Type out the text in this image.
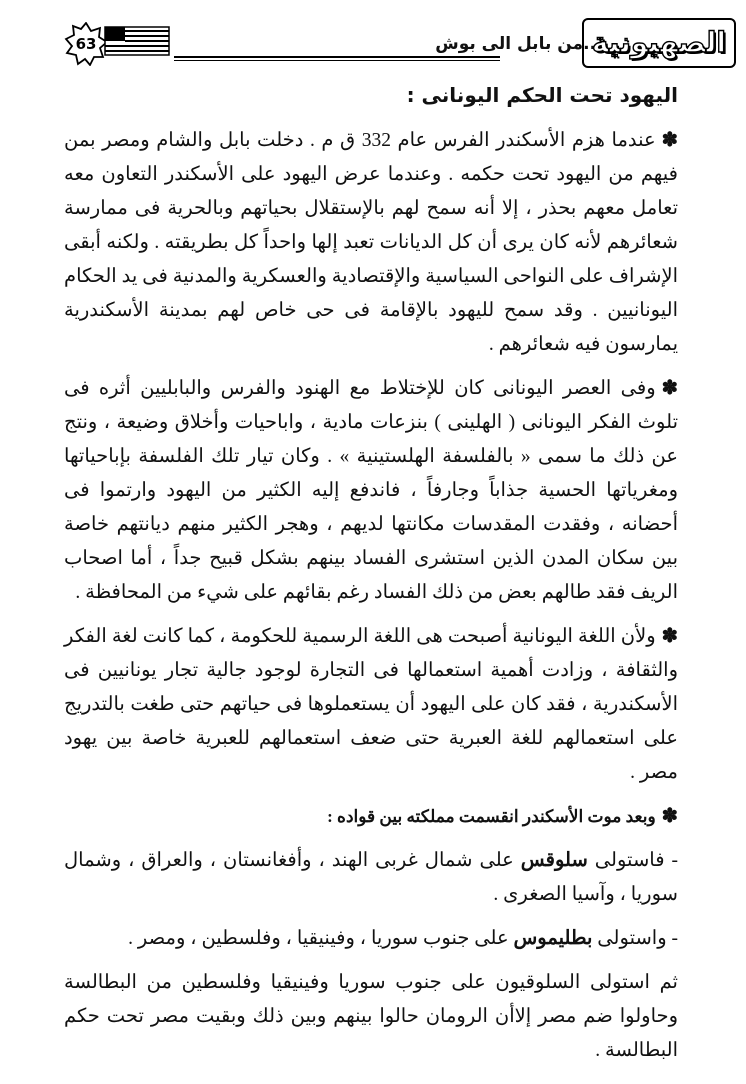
63	..من بابل الى بوش
الصهيونية

اليهود تحت الحكم اليونانى :

✽عندما هزم الأسكندر الفرس عام 332 ق م . دخلت بابل والشام ومصر بمن فيهم من اليهود تحت حكمه . وعندما عرض اليهود على الأسكندر التعاون معه تعامل معهم بحذر ، إلا أنه سمح لهم بالإستقلال بحياتهم وبالحرية فى ممارسة شعائرهم لأنه كان يرى أن كل الديانات تعبد إلها واحداً كل بطريقته . ولكنه أبقى الإشراف على النواحى السياسية والإقتصادية والعسكرية والمدنية فى يد الحكام اليونانيين . وقد سمح لليهود بالإقامة فى حى خاص لهم بمدينة الأسكندرية يمارسون فيه شعائرهم .

✽وفى العصر اليونانى كان للإختلاط مع الهنود والفرس والبابليين أثره فى تلوث الفكر اليونانى ( الهلينى ) بنزعات مادية ، واباحيات وأخلاق وضيعة ، ونتج عن ذلك ما سمى « بالفلسفة الهلستينية » . وكان تيار تلك الفلسفة بإباحياتها ومغرياتها الحسية جذاباً وجارفاً ، فاندفع إليه الكثير من اليهود وارتموا فى أحضانه ، وفقدت المقدسات مكانتها لديهم ، وهجر الكثير منهم ديانتهم خاصة بين سكان المدن الذين استشرى الفساد بينهم بشكل قبيح جداً ، أما اصحاب الريف فقد طالهم بعض من ذلك الفساد رغم بقائهم على شيء من المحافظة .

✽ولأن اللغة اليونانية أصبحت هى اللغة الرسمية للحكومة ، كما كانت لغة الفكر والثقافة ، وزادت أهمية استعمالها فى التجارة لوجود جالية تجار يونانيين فى الأسكندرية ، فقد كان على اليهود أن يستعملوها فى حياتهم حتى طغت بالتدريج على استعمالهم للغة العبرية حتى ضعف استعمالهم للعبرية خاصة بين يهود مصر .

✽وبعد موت الأسكندر انقسمت مملكته بين قواده :

- فاستولى سلوقس على شمال غربى الهند ، وأفغانستان ، والعراق ، وشمال سوريا ، وآسيا الصغرى .

- واستولى بطليموس على جنوب سوريا ، وفينيقيا ، وفلسطين ، ومصر .

ثم استولى السلوقيون على جنوب سوريا وفينيقيا وفلسطين من البطالسة وحاولوا ضم مصر إلاأن الرومان حالوا بينهم وبين ذلك وبقيت مصر تحت حكم البطالسة .
